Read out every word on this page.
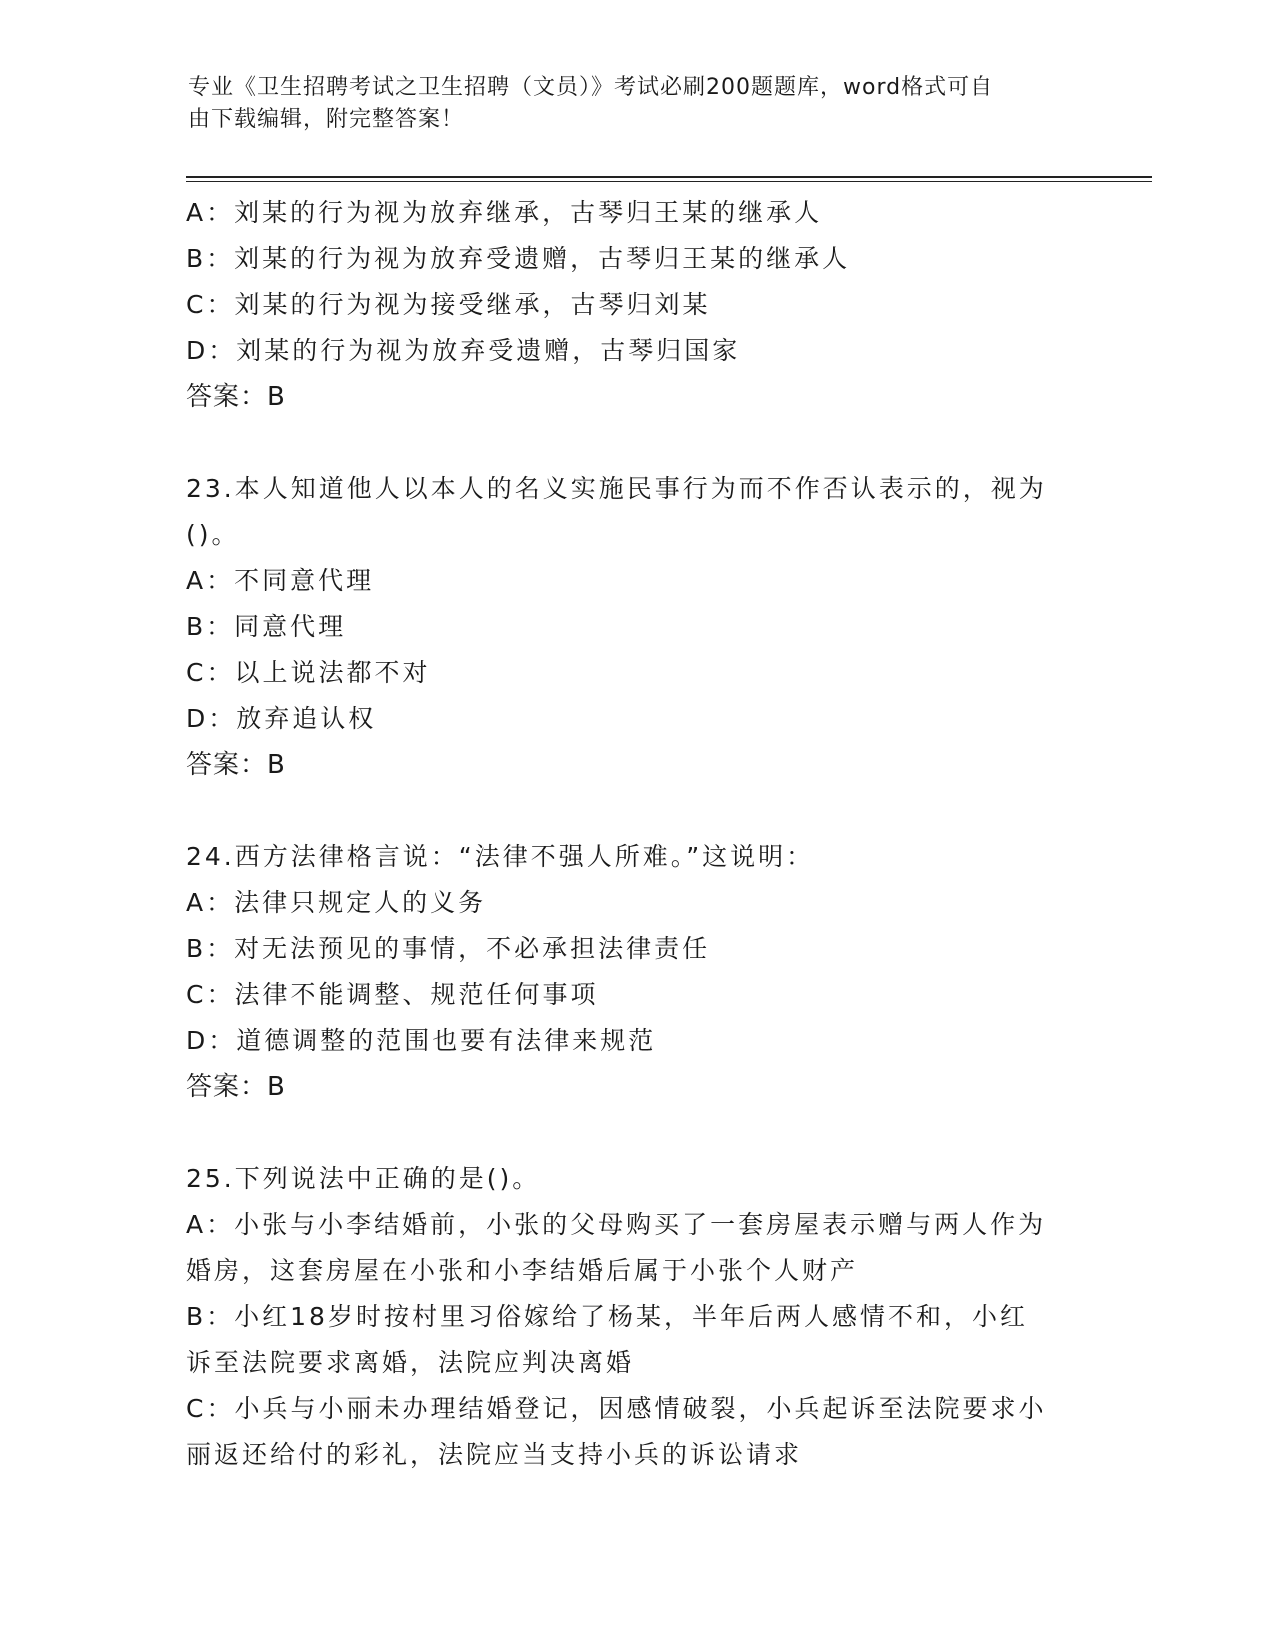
专业《卫生招聘考试之卫生招聘（文员）》考试必刷200题题库，word格式可自
由下载编辑，附完整答案！
A：刘某的行为视为放弃继承，古琴归王某的继承人
B：刘某的行为视为放弃受遗赠，古琴归王某的继承人
C：刘某的行为视为接受继承，古琴归刘某
D：刘某的行为视为放弃受遗赠，古琴归国家
答案：B
23.本人知道他人以本人的名义实施民事行为而不作否认表示的，视为
()。
A：不同意代理
B：同意代理
C：以上说法都不对
D：放弃追认权
答案：B
24.西方法律格言说：“法律不强人所难。”这说明：
A：法律只规定人的义务
B：对无法预见的事情，不必承担法律责任
C：法律不能调整、规范任何事项
D：道德调整的范围也要有法律来规范
答案：B
25.下列说法中正确的是()。
A：小张与小李结婚前，小张的父母购买了一套房屋表示赠与两人作为
婚房，这套房屋在小张和小李结婚后属于小张个人财产
B：小红18岁时按村里习俗嫁给了杨某，半年后两人感情不和，小红
诉至法院要求离婚，法院应判决离婚
C：小兵与小丽未办理结婚登记，因感情破裂，小兵起诉至法院要求小
丽返还给付的彩礼，法院应当支持小兵的诉讼请求
